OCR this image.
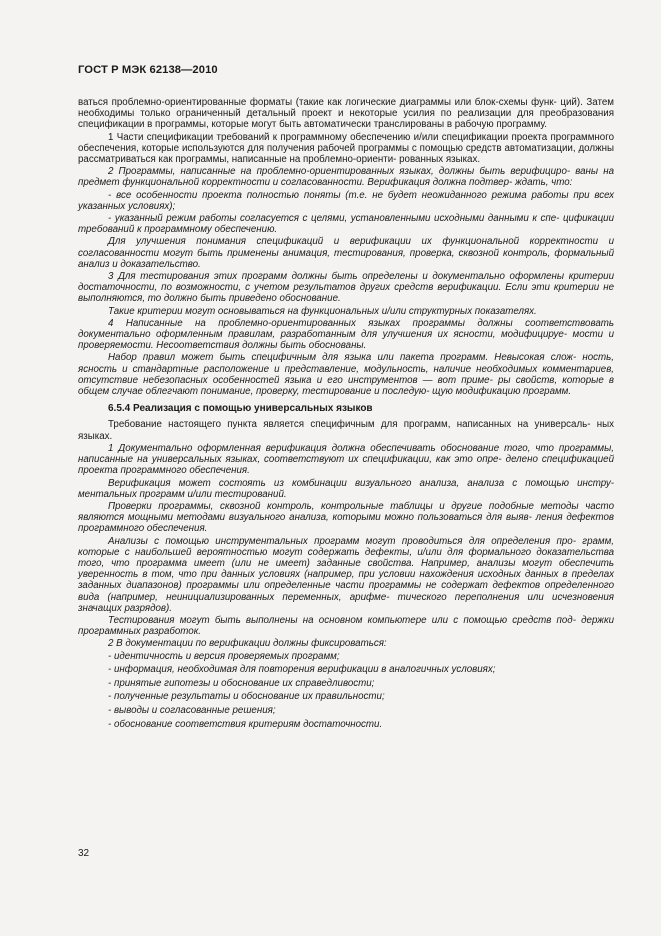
ГОСТ Р МЭК 62138—2010

ваться проблемно-ориентированные форматы (такие как логические диаграммы или блок-схемы функ- ций). Затем необходимы только ограниченный детальный проект и некоторые усилия по реализации для преобразования спецификации в программы, которые могут быть автоматически транслированы в рабочую программу.

1 Части спецификации требований к программному обеспечению и/или спецификации проекта программного обеспечения, которые используются для получения рабочей программы с помощью средств автоматизации, должны рассматриваться как программы, написанные на проблемно-ориенти- рованных языках.

2 Программы, написанные на проблемно-ориентированных языках, должны быть верифициро- ваны на предмет функциональной корректности и согласованности. Верификация должна подтвер- ждать, что:

- все особенности проекта полностью поняты (т.е. не будет неожиданного режима работы при всех указанных условиях);

- указанный режим работы согласуется с целями, установленными исходными данными к спе- цификации требований к программному обеспечению.

Для улучшения понимания спецификаций и верификации их функциональной корректности и согласованности могут быть применены анимация, тестирования, проверка, сквозной контроль, формальный анализ и доказательство.

3 Для тестирования этих программ должны быть определены и документально оформлены критерии достаточности, по возможности, с учетом результатов других средств верификации. Если эти критерии не выполняются, то должно быть приведено обоснование.

Такие критерии могут основываться на функциональных и/или структурных показателях.

4 Написанные на проблемно-ориентированных языках программы должны соответствовать документально оформленным правилам, разработанным для улучшения их ясности, модифицируе- мости и проверяемости. Несоответствия должны быть обоснованы.

Набор правил может быть специфичным для языка или пакета программ. Невысокая слож- ность, ясность и стандартные расположение и представление, модульность, наличие необходимых комментариев, отсутствие небезопасных особенностей языка и его инструментов — вот приме- ры свойств, которые в общем случае облегчают понимание, проверку, тестирование и последую- щую модификацию программ.

6.5.4 Реализация с помощью универсальных языков

Требование настоящего пункта является специфичным для программ, написанных на универсаль- ных языках.

1 Документально оформленная верификация должна обеспечивать обоснование того, что программы, написанные на универсальных языках, соответствуют их спецификации, как это опре- делено спецификацией проекта программного обеспечения.

Верификация может состоять из комбинации визуального анализа, анализа с помощью инстру- ментальных программ и/или тестирований.

Проверки программы, сквозной контроль, контрольные таблицы и другие подобные методы часто являются мощными методами визуального анализа, которыми можно пользоваться для выяв- ления дефектов программного обеспечения.

Анализы с помощью инструментальных программ могут проводиться для определения про- грамм, которые с наибольшей вероятностью могут содержать дефекты, и/или для формального доказательства того, что программа имеет (или не имеет) заданные свойства. Например, анализы могут обеспечить уверенность в том, что при данных условиях (например, при условии нахождения исходных данных в пределах заданных диапазонов) программы или определенные части программы не содержат дефектов определенного вида (например, неинициализированных переменных, арифме- тического переполнения или исчезновения значащих разрядов).

Тестирования могут быть выполнены на основном компьютере или с помощью средств под- держки программных разработок.

2 В документации по верификации должны фиксироваться:

- идентичность и версия проверяемых программ;

- информация, необходимая для повторения верификации в аналогичных условиях;

- принятые гипотезы и обоснование их справедливости;

- полученные результаты и обоснование их правильности;

- выводы и согласованные решения;

- обоснование соответствия критериям достаточности.

32
